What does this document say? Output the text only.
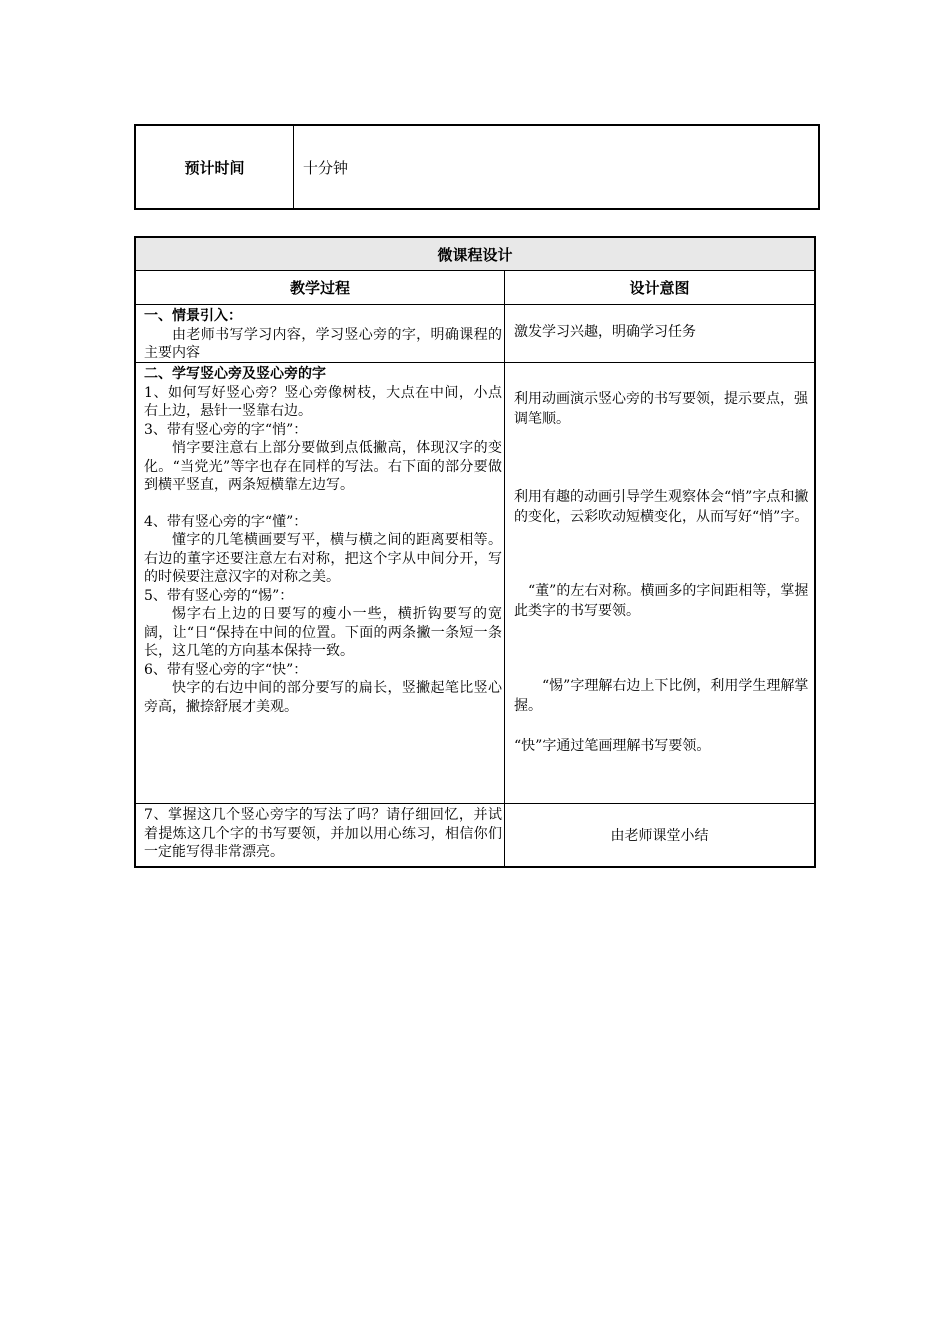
预计时间	十分钟
微课程设计
教学过程	设计意图
一、情景引入：
由老师书写学习内容，学习竖心旁的字，明确课程的主要内容
激发学习兴趣，明确学习任务
二、学写竖心旁及竖心旁的字
1、如何写好竖心旁？竖心旁像树枝，大点在中间，小点右上边，悬针一竖靠右边。
3、带有竖心旁的字“悄”：
悄字要注意右上部分要做到点低撇高，体现汉字的变化。“当党光”等字也存在同样的写法。右下面的部分要做到横平竖直，两条短横靠左边写。
4、带有竖心旁的字“懂”：
懂字的几笔横画要写平，横与横之间的距离要相等。右边的董字还要注意左右对称，把这个字从中间分开，写的时候要注意汉字的对称之美。
5、带有竖心旁的“惕”：
惕字右上边的日要写的瘦小一些，横折钩要写的宽阔，让“日“保持在中间的位置。下面的两条撇一条短一条长，这几笔的方向基本保持一致。
6、带有竖心旁的字“快”：
快字的右边中间的部分要写的扁长，竖撇起笔比竖心旁高，撇捺舒展才美观。
利用动画演示竖心旁的书写要领，提示要点，强调笔顺。
利用有趣的动画引导学生观察体会“悄”字点和撇的变化，云彩吹动短横变化，从而写好“悄”字。
“董”的左右对称。横画多的字间距相等，掌握此类字的书写要领。
“惕”字理解右边上下比例，利用学生理解掌握。
“快”字通过笔画理解书写要领。
7、掌握这几个竖心旁字的写法了吗？请仔细回忆，并试着提炼这几个字的书写要领，并加以用心练习，相信你们一定能写得非常漂亮。
由老师课堂小结
